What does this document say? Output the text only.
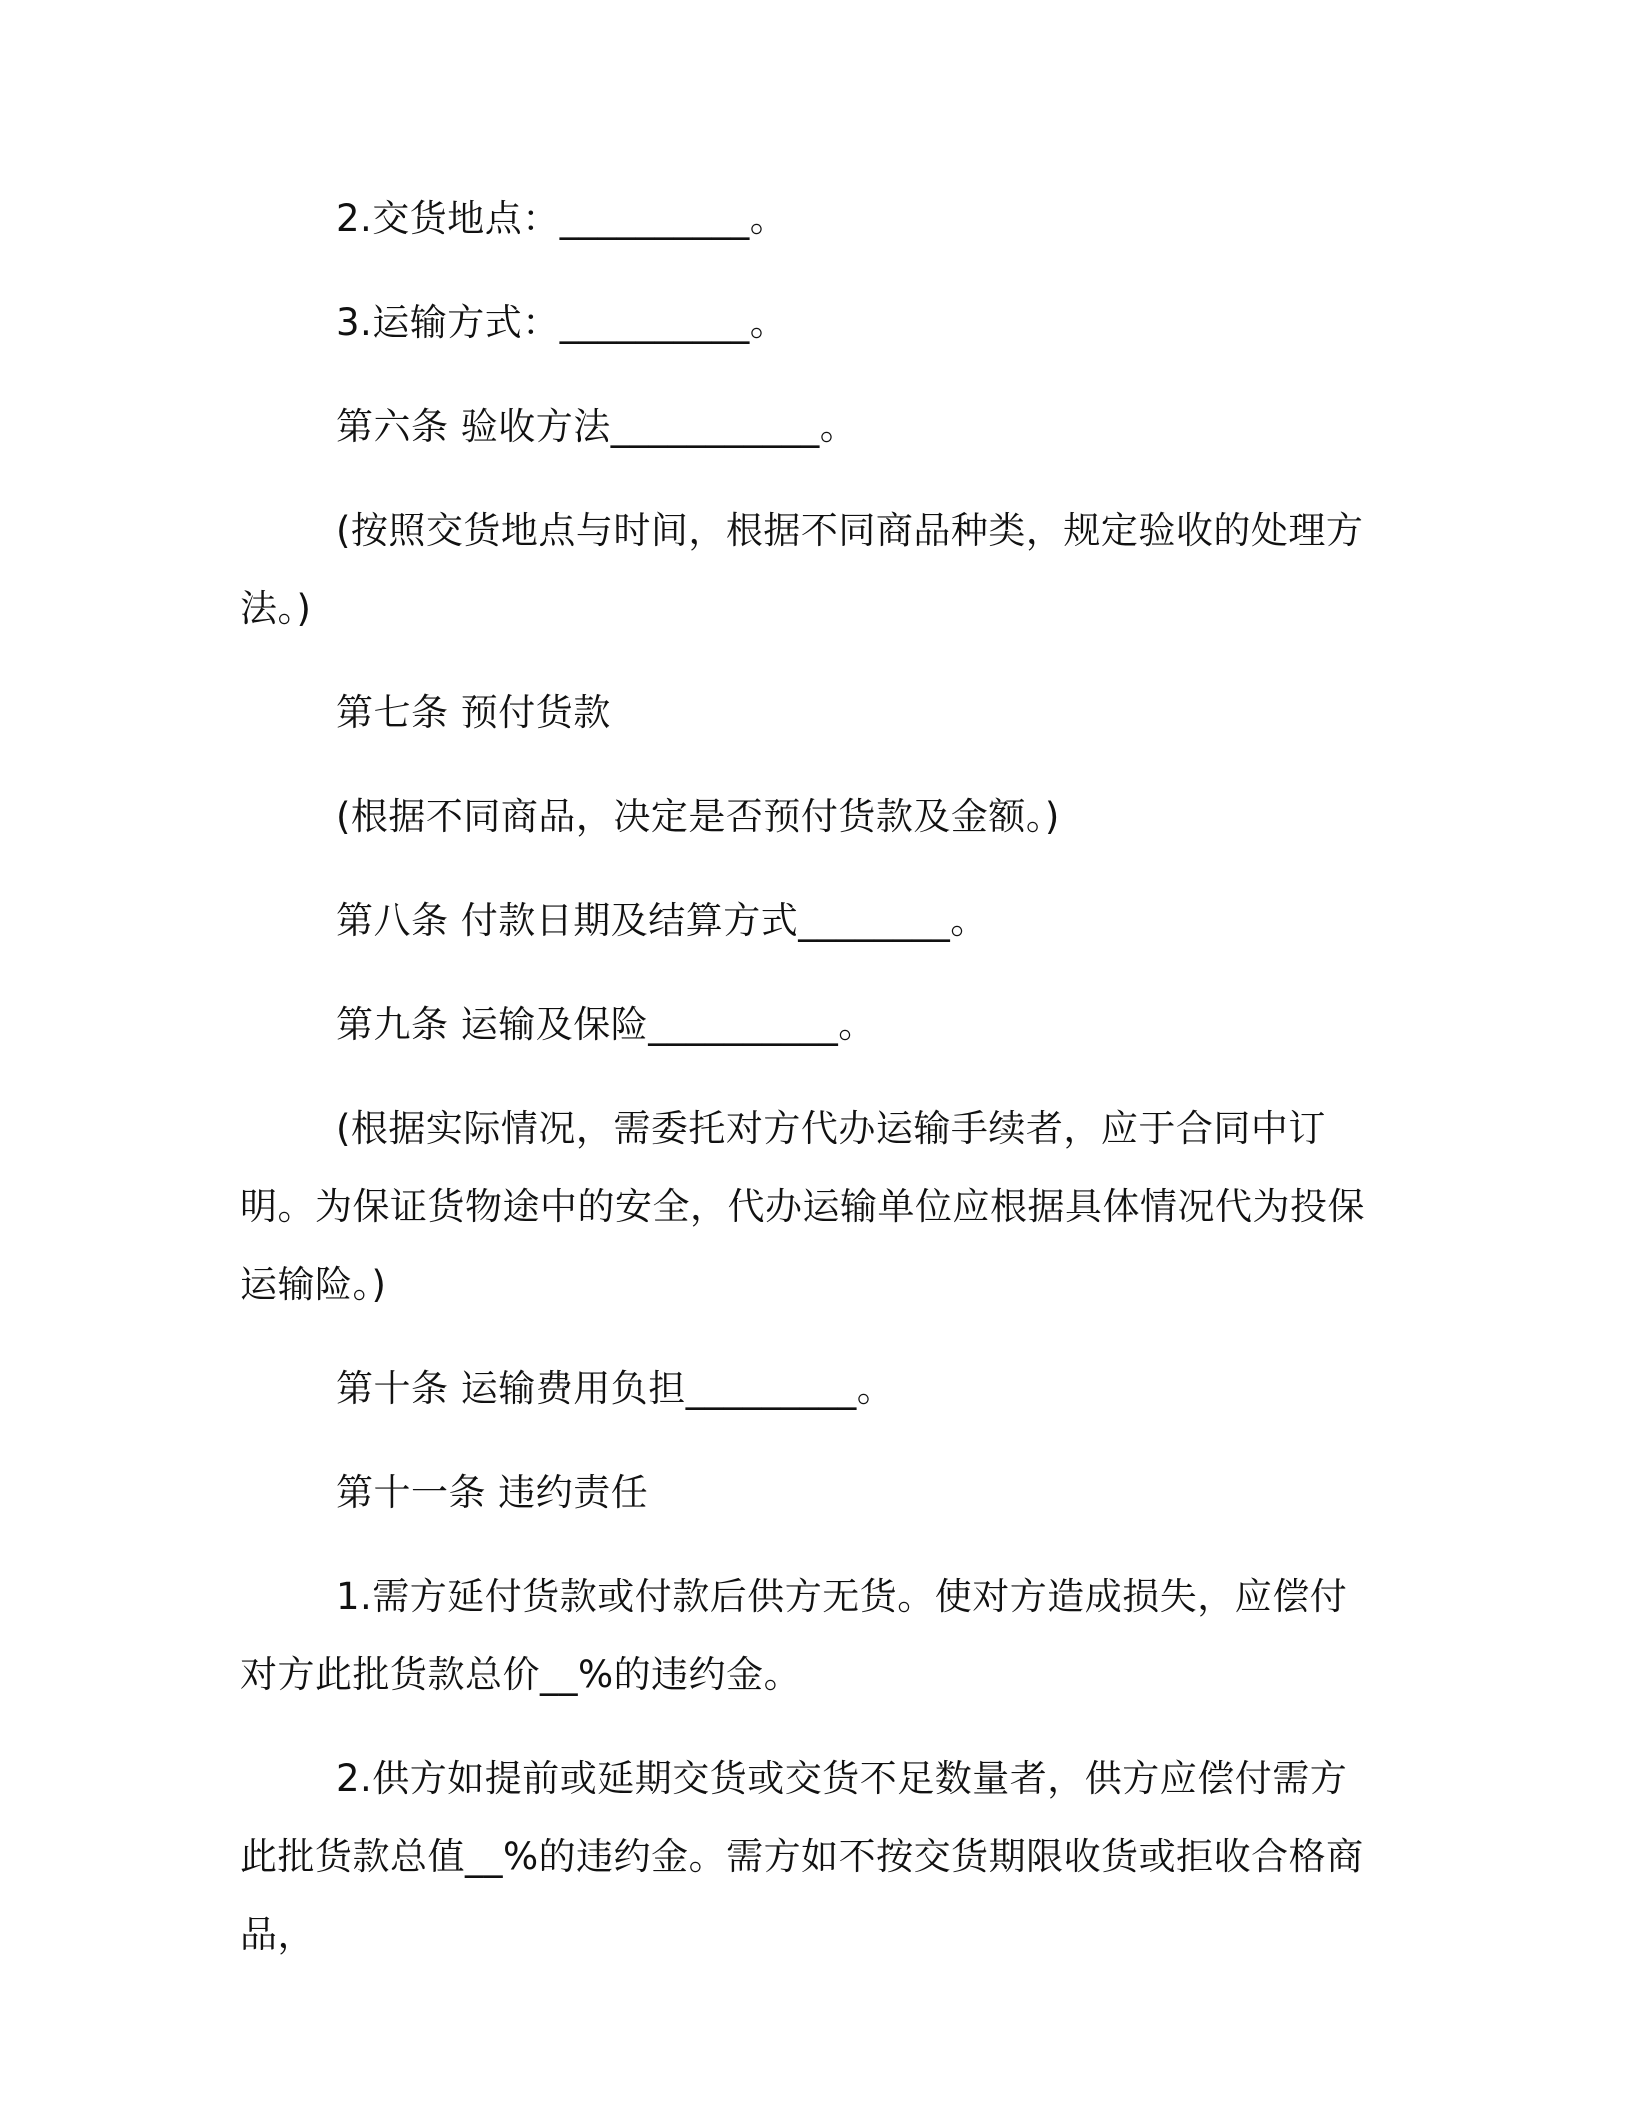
2.交货地点：__________。

3.运输方式：__________。

第六条 验收方法___________。

(按照交货地点与时间，根据不同商品种类，规定验收的处理方法。)

第七条 预付货款

(根据不同商品，决定是否预付货款及金额。)

第八条 付款日期及结算方式________。

第九条 运输及保险__________。

(根据实际情况，需委托对方代办运输手续者，应于合同中订明。为保证货物途中的安全，代办运输单位应根据具体情况代为投保运输险。)

第十条 运输费用负担_________。

第十一条 违约责任

1.需方延付货款或付款后供方无货。使对方造成损失，应偿付对方此批货款总价__%的违约金。

2.供方如提前或延期交货或交货不足数量者，供方应偿付需方此批货款总值__%的违约金。需方如不按交货期限收货或拒收合格商品，
